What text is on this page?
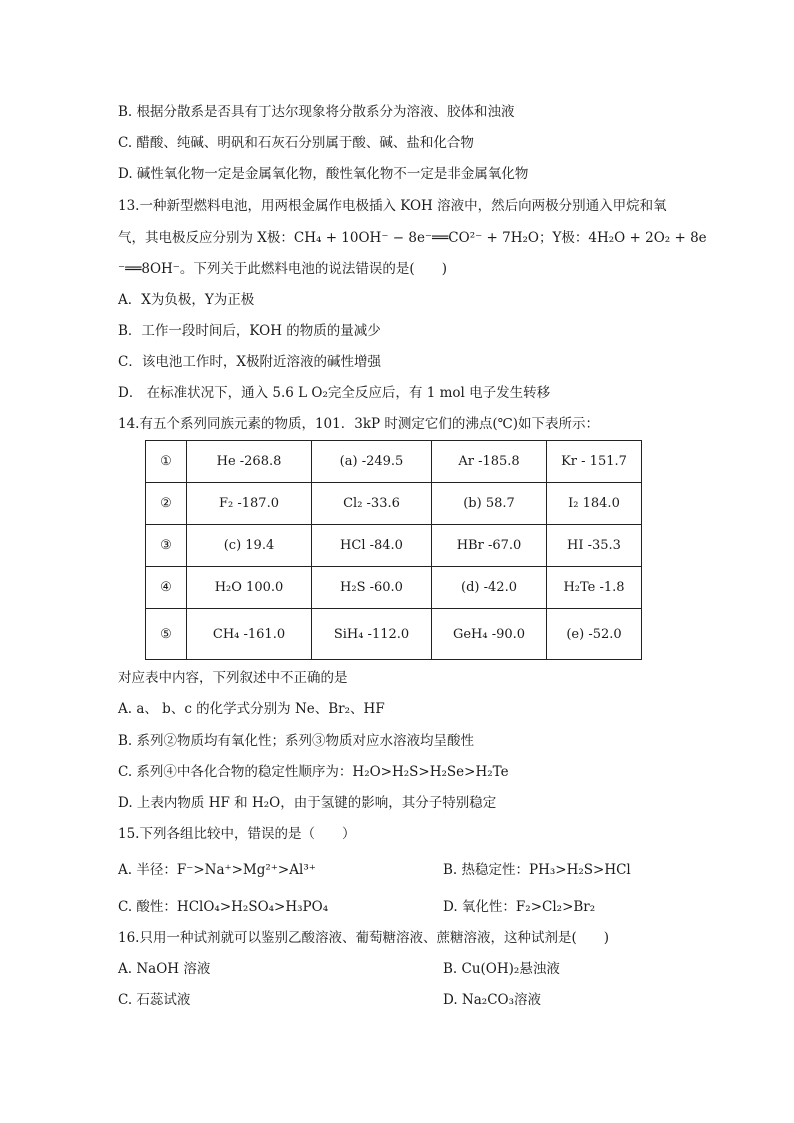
B. 根据分散系是否具有丁达尔现象将分散系分为溶液、胶体和浊液
C. 醋酸、纯碱、明矾和石灰石分别属于酸、碱、盐和化合物
D. 碱性氧化物一定是金属氧化物，酸性氧化物不一定是非金属氧化物
13.一种新型燃料电池，用两根金属作电极插入 KOH 溶液中，然后向两极分别通入甲烷和氧
气，其电极反应分别为 X极：CH₄ + 10OH⁻ − 8e⁻══CO²⁻ + 7H₂O；Y极：4H₂O + 2O₂ + 8e
⁻══8OH⁻。下列关于此燃料电池的说法错误的是(　　)
A．X为负极，Y为正极
B．工作一段时间后，KOH 的物质的量减少
C．该电池工作时，X极附近溶液的碱性增强
D． 在标准状况下，通入 5.6 L O₂完全反应后，有 1 mol 电子发生转移
14.有五个系列同族元素的物质，101．3kP 时测定它们的沸点(℃)如下表所示：
①	He -268.8	(a) -249.5	Ar -185.8	Kr - 151.7
②	F₂ -187.0	Cl₂ -33.6	(b) 58.7	I₂ 184.0
③	(c) 19.4	HCl -84.0	HBr -67.0	HI -35.3
④	H₂O 100.0	H₂S -60.0	(d) -42.0	H₂Te -1.8
⑤	CH₄ -161.0	SiH₄ -112.0	GeH₄ -90.0	(e) -52.0
对应表中内容，下列叙述中不正确的是
A. a、 b、c 的化学式分别为 Ne、Br₂、HF
B. 系列②物质均有氧化性；系列③物质对应水溶液均呈酸性
C. 系列④中各化合物的稳定性顺序为：H₂O>H₂S>H₂Se>H₂Te
D. 上表内物质 HF 和 H₂O，由于氢键的影响，其分子特别稳定
15.下列各组比较中，错误的是（　　）
A. 半径：F⁻>Na⁺>Mg²⁺>Al³⁺	B. 热稳定性：PH₃>H₂S>HCl
C. 酸性：HClO₄>H₂SO₄>H₃PO₄	D. 氧化性：F₂>Cl₂>Br₂
16.只用一种试剂就可以鉴别乙酸溶液、葡萄糖溶液、蔗糖溶液，这种试剂是(　　)
A. NaOH 溶液	B. Cu(OH)₂悬浊液
C. 石蕊试液	D. Na₂CO₃溶液
